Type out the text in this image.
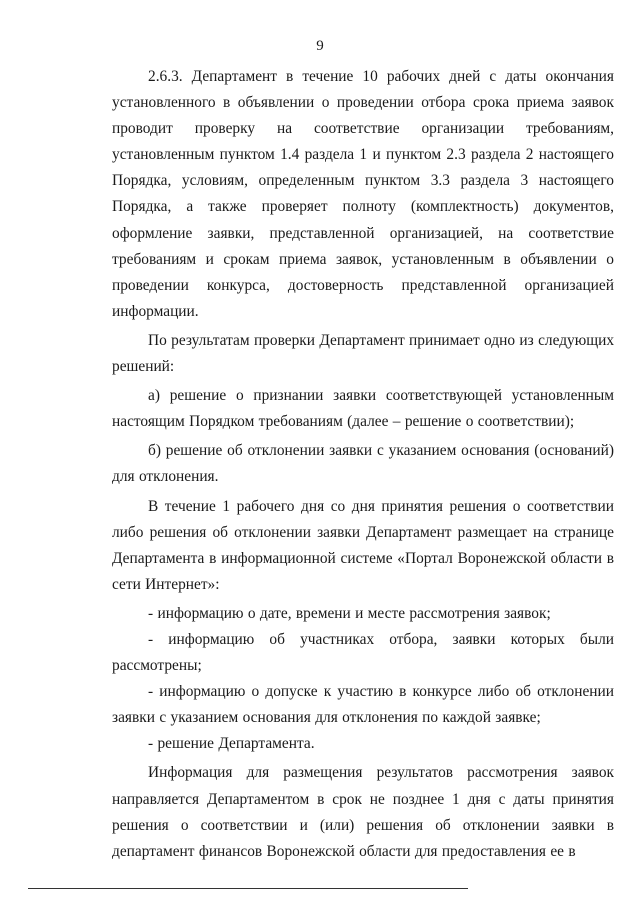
9

2.6.3. Департамент в течение 10 рабочих дней с даты окончания установленного в объявлении о проведении отбора срока приема заявок проводит проверку на соответствие организации требованиям, установленным пунктом 1.4 раздела 1 и пунктом 2.3 раздела 2 настоящего Порядка, условиям, определенным пунктом 3.3 раздела 3 настоящего Порядка, а также проверяет полноту (комплектность) документов, оформление заявки, представленной организацией, на соответствие требованиям и срокам приема заявок, установленным в объявлении о проведении конкурса, достоверность представленной организацией информации.

По результатам проверки Департамент принимает одно из следующих решений:

а) решение о признании заявки соответствующей установленным настоящим Порядком требованиям (далее – решение о соответствии);

б) решение об отклонении заявки с указанием основания (оснований) для отклонения.

В течение 1 рабочего дня со дня принятия решения о соответствии либо решения об отклонении заявки Департамент размещает на странице Департамента в информационной системе «Портал Воронежской области в сети Интернет»:

- информацию о дате, времени и месте рассмотрения заявок;

- информацию об участниках отбора, заявки которых были рассмотрены;

- информацию о допуске к участию в конкурсе либо об отклонении заявки с указанием основания для отклонения по каждой заявке;

- решение Департамента.

Информация для размещения результатов рассмотрения заявок направляется Департаментом в срок не позднее 1 дня с даты принятия решения о соответствии и (или) решения об отклонении заявки в департамент финансов Воронежской области для предоставления ее в
